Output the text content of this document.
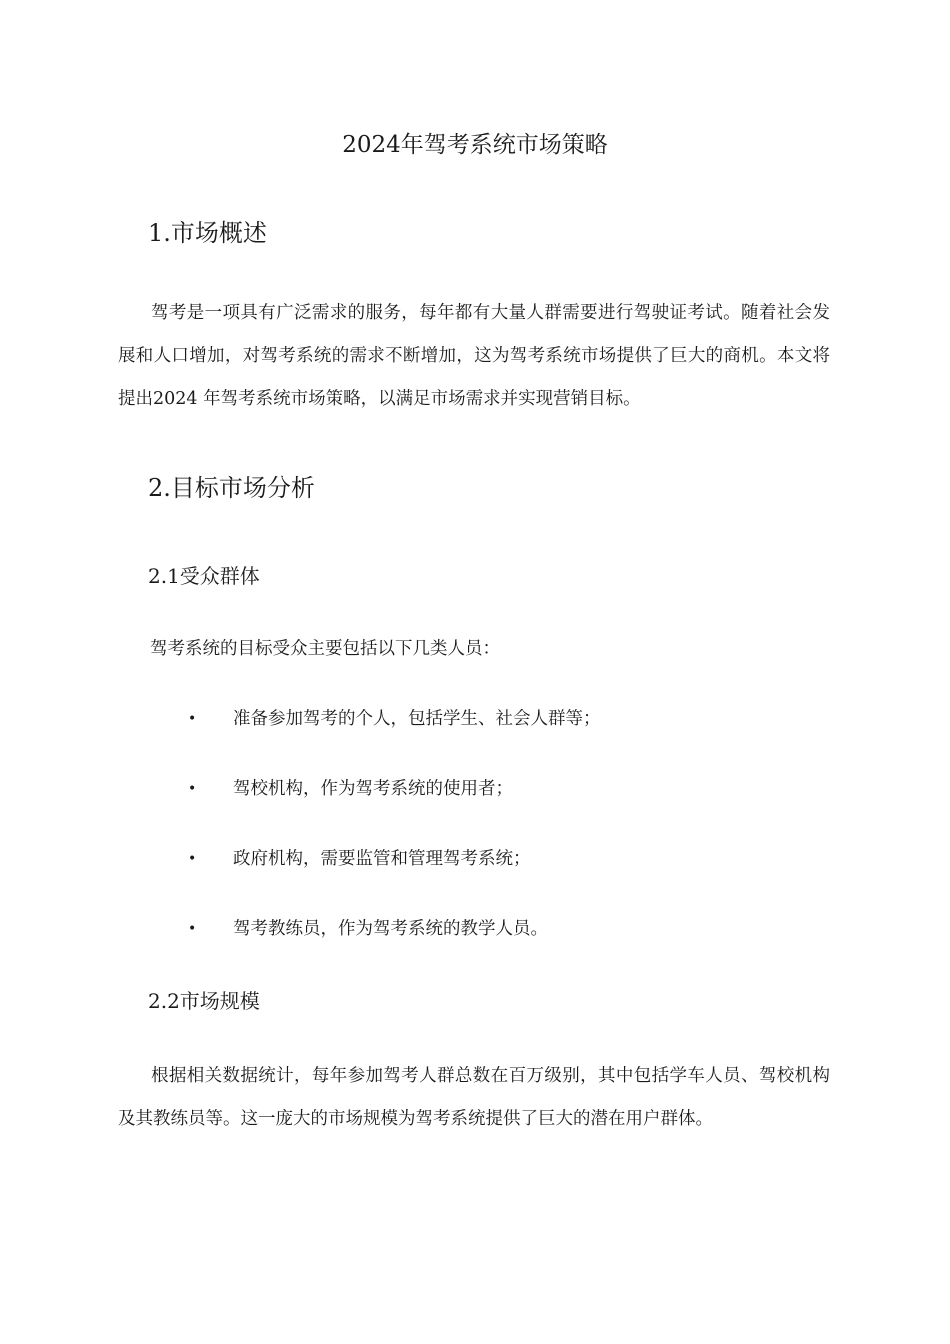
2024年驾考系统市场策略
1.市场概述

驾考是一项具有广泛需求的服务，每年都有大量人群需要进行驾驶证考试。随着社会发展和人口增加，对驾考系统的需求不断增加，这为驾考系统市场提供了巨大的商机。本文将提出2024 年驾考系统市场策略，以满足市场需求并实现营销目标。

2.目标市场分析
2.1受众群体

驾考系统的目标受众主要包括以下几类人员：

• 准备参加驾考的个人，包括学生、社会人群等；
• 驾校机构，作为驾考系统的使用者；
• 政府机构，需要监管和管理驾考系统；
• 驾考教练员，作为驾考系统的教学人员。
2.2市场规模

根据相关数据统计，每年参加驾考人群总数在百万级别，其中包括学车人员、驾校机构及其教练员等。这一庞大的市场规模为驾考系统提供了巨大的潜在用户群体。
